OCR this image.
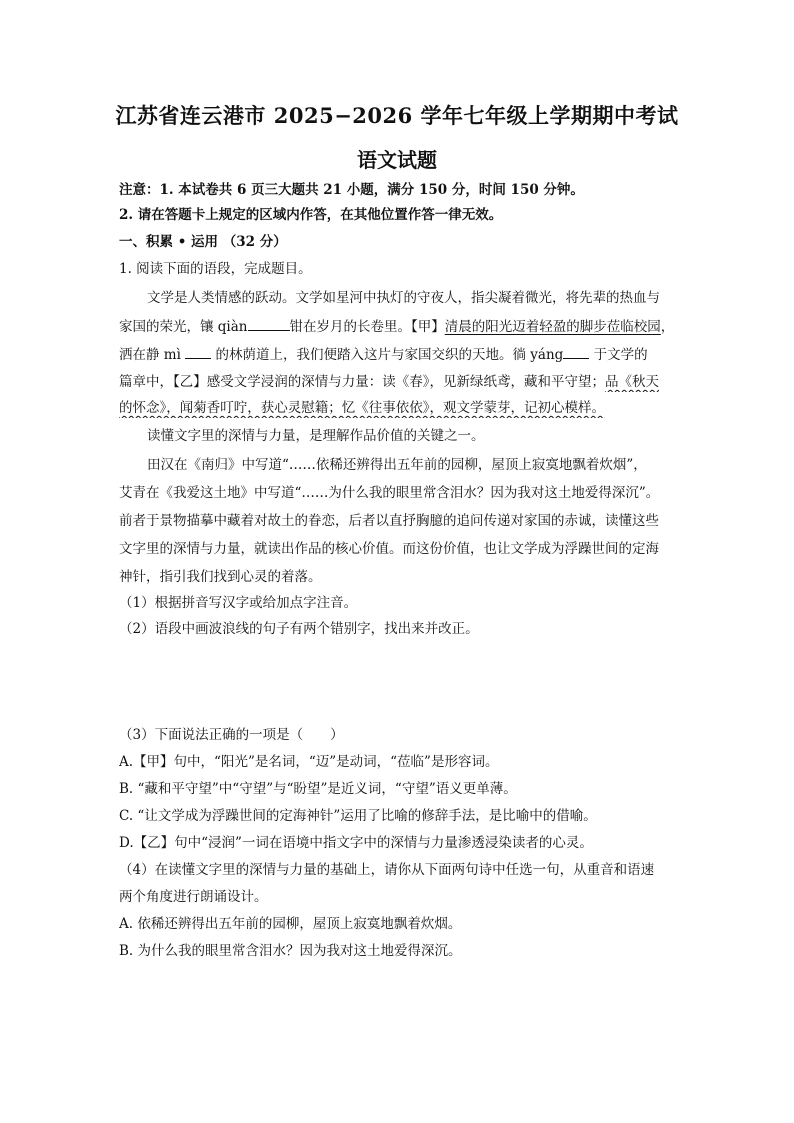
江苏省连云港市 2025−2026 学年七年级上学期期中考试
语文试题
注意：1. 本试卷共 6 页三大题共 21 小题，满分 150 分，时间 150 分钟。
2. 请在答题卡上规定的区域内作答，在其他位置作答一律无效。
一、积累 • 运用 （32 分）
1. 阅读下面的语段，完成题目。
文学是人类情感的跃动。文学如星河中执灯的守夜人，指尖凝着微光，将先辈的热血与
家国的荣光，镶 qiàn	钳在岁月的长卷里。【甲】清晨的阳光迈着轻盈的脚步莅临校园，
洒在静 mì	的林荫道上，我们便踏入这片与家国交织的天地。徜 yáng 于文学的
篇章中，【乙】感受文学浸润的深情与力量：读《春》，见新绿纸鸢，藏和平守望；品《秋天
的怀念》，闻菊香叮咛，获心灵慰籍；忆《往事依依》，观文学蒙芽，记初心模样。
读懂文字里的深情与力量，是理解作品价值的关键之一。
田汉在《南归》中写道“……依稀还辨得出五年前的园柳，屋顶上寂寞地飘着炊烟”，
艾青在《我爱这土地》中写道“……为什么我的眼里常含泪水？因为我对这土地爱得深沉”。
前者于景物描摹中藏着对故土的眷恋，后者以直抒胸臆的追问传递对家国的赤诚，读懂这些
文字里的深情与力量，就读出作品的核心价值。而这份价值，也让文学成为浮躁世间的定海
神针，指引我们找到心灵的着落。
（1）根据拼音写汉字或给加点字注音。
（2）语段中画波浪线的句子有两个错别字，找出来并改正。
（3）下面说法正确的一项是（　　）
A.【甲】句中，“阳光”是名词，“迈”是动词，“莅临”是形容词。
B. “藏和平守望”中“守望”与“盼望”是近义词，“守望”语义更单薄。
C. “让文学成为浮躁世间的定海神针”运用了比喻的修辞手法，是比喻中的借喻。
D.【乙】句中“浸润”一词在语境中指文字中的深情与力量渗透浸染读者的心灵。
（4）在读懂文字里的深情与力量的基础上，请你从下面两句诗中任选一句，从重音和语速
两个角度进行朗诵设计。
A. 依稀还辨得出五年前的园柳，屋顶上寂寞地飘着炊烟。
B. 为什么我的眼里常含泪水？因为我对这土地爱得深沉。
